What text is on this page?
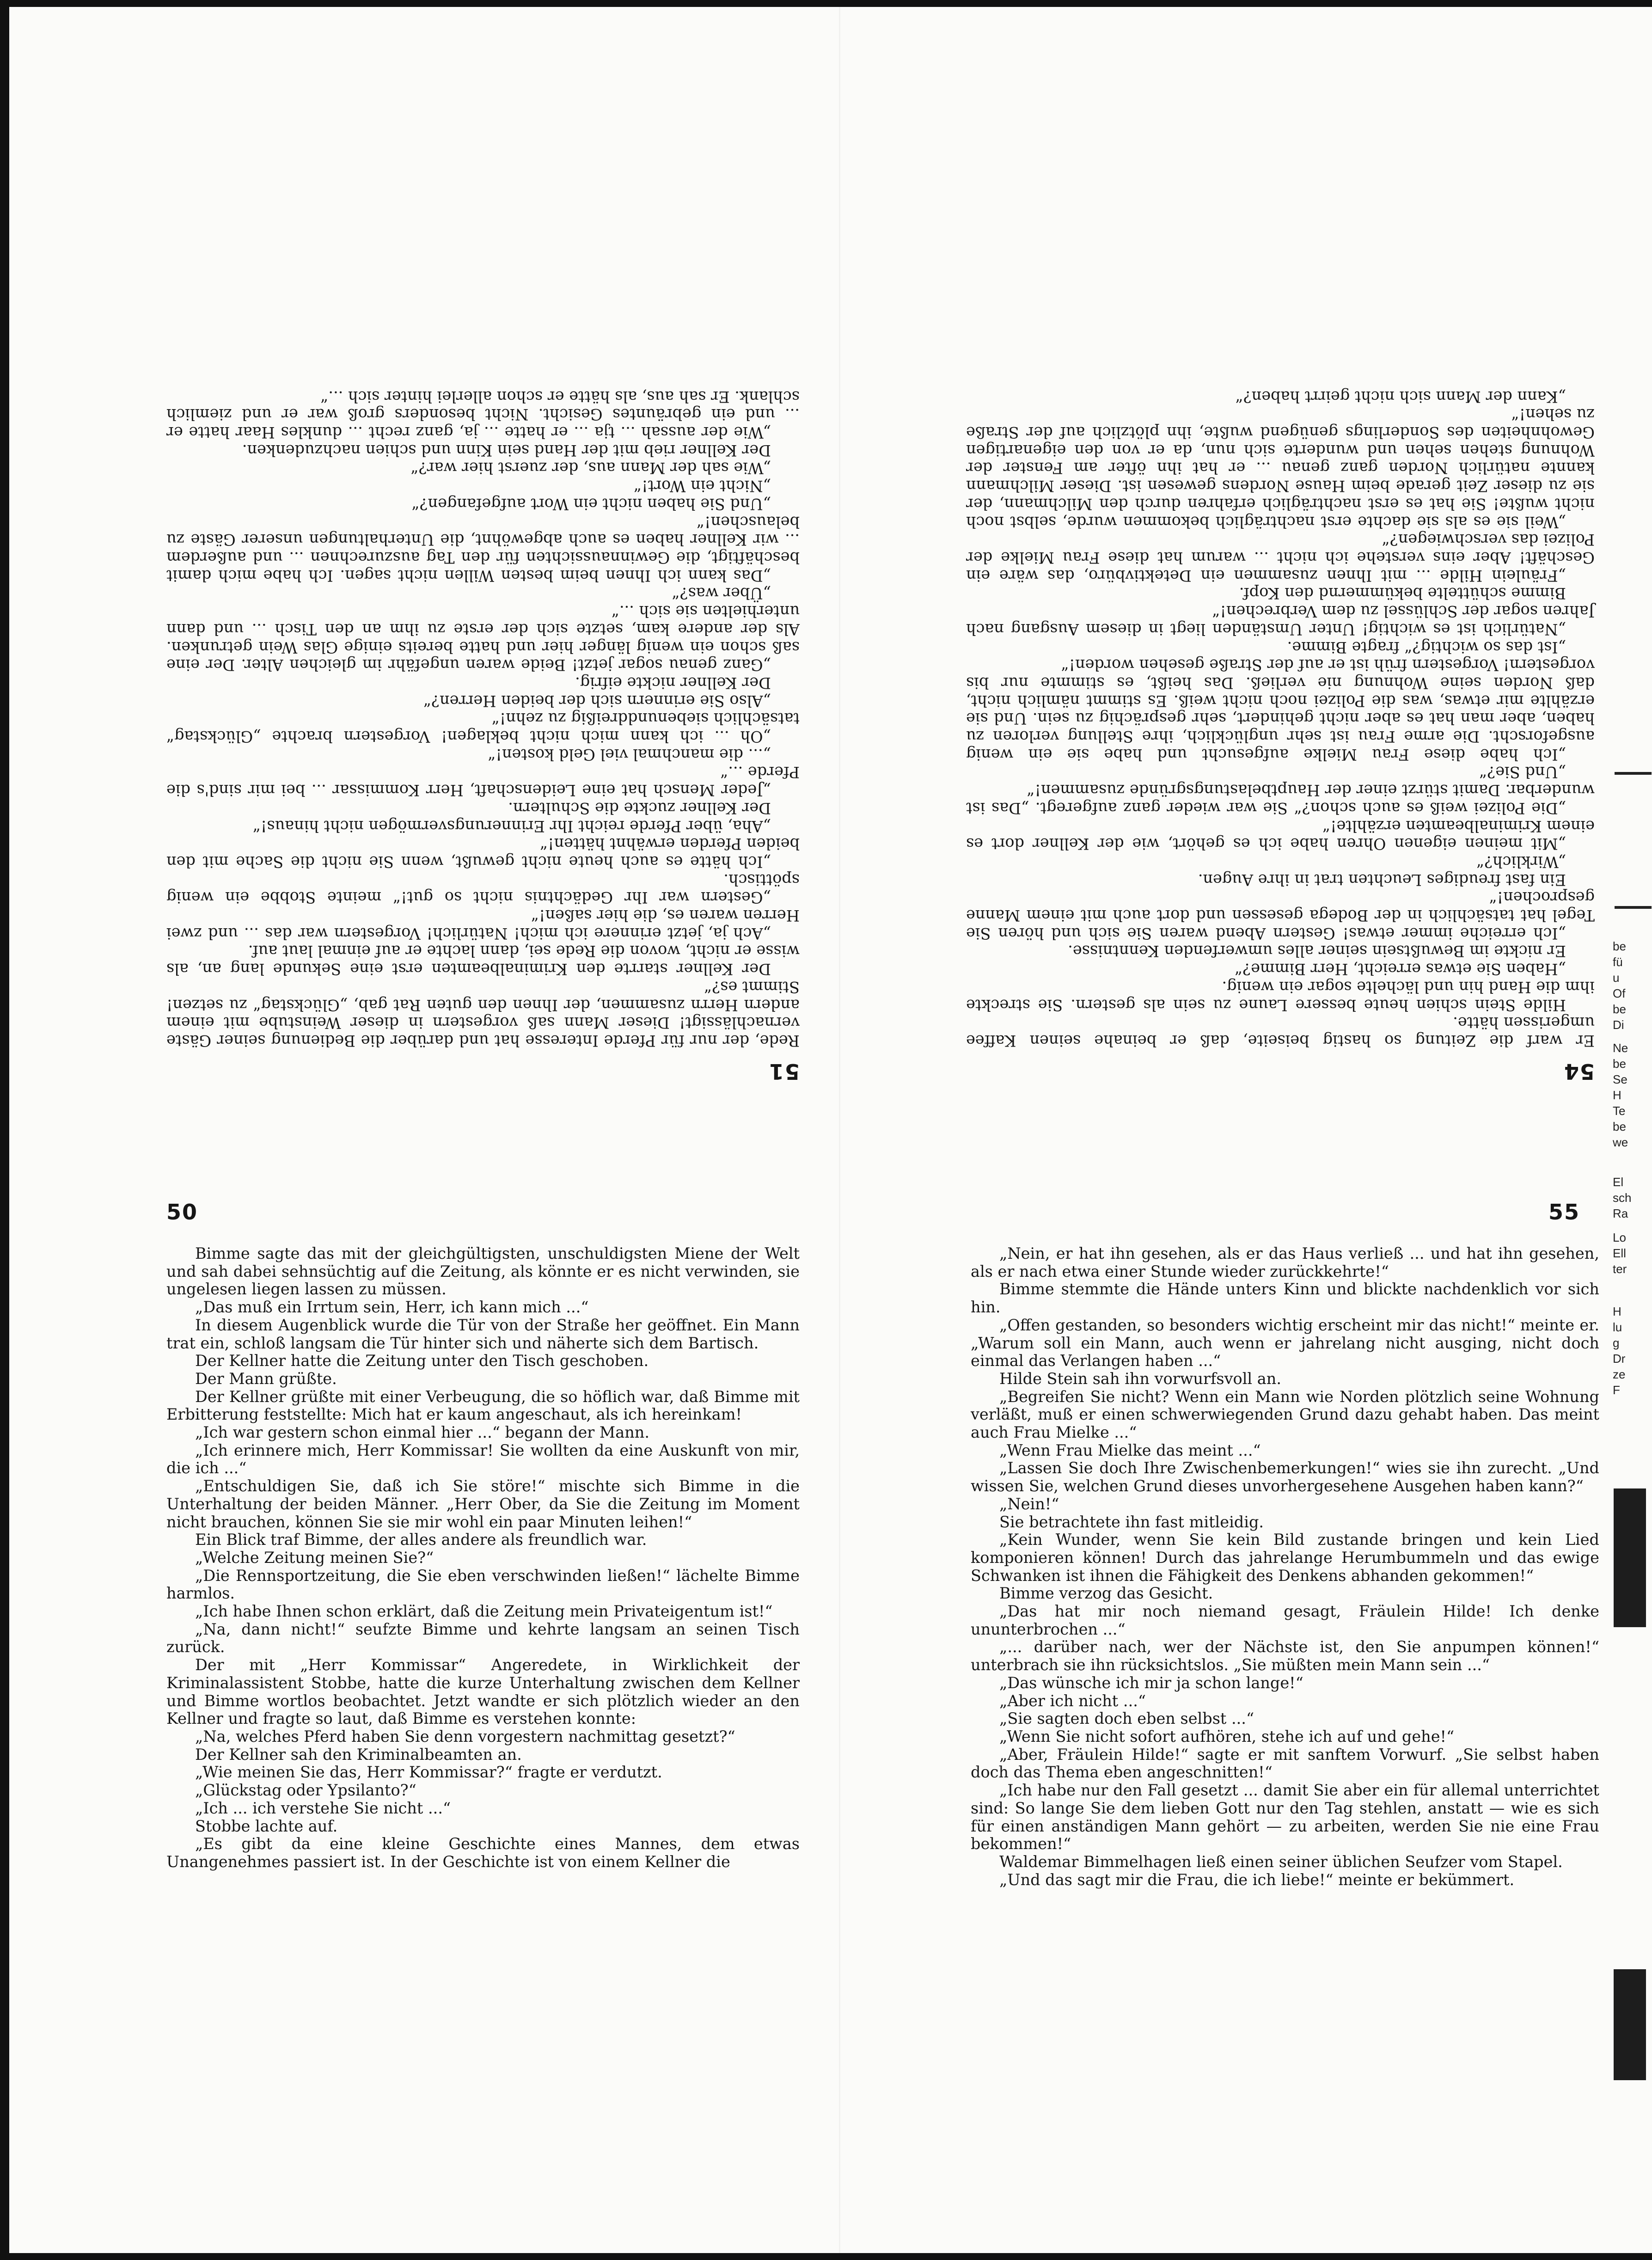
51

Rede, der nur für Pferde Interesse hat und darüber die Bedienung seiner Gäste vernachlässigt! Dieser Mann saß vorgestern in dieser Weinstube mit einem andern Herrn zusammen, der Ihnen den guten Rat gab, „Glückstag“ zu setzen! Stimmt es?“

Der Kellner starrte den Kriminalbeamten erst eine Sekunde lang an, als wisse er nicht, wovon die Rede sei, dann lachte er auf einmal laut auf.

„Ach ja, jetzt erinnere ich mich! Natürlich! Vorgestern war das ... und zwei Herren waren es, die hier saßen!“

„Gestern war Ihr Gedächtnis nicht so gut!“ meinte Stobbe ein wenig spöttisch.

„Ich hätte es auch heute nicht gewußt, wenn Sie nicht die Sache mit den beiden Pferden erwähnt hätten!“

„Aha, über Pferde reicht Ihr Erinnerungsvermögen nicht hinaus!“

Der Kellner zuckte die Schultern.

„Jeder Mensch hat eine Leidenschaft, Herr Kommissar ... bei mir sind's die Pferde ...“

„... die manchmal viel Geld kosten!“

„Oh ... ich kann mich nicht beklagen! Vorgestern brachte „Glückstag“ tatsächlich siebenunddreißig zu zehn!“

„Also Sie erinnern sich der beiden Herren?“

Der Kellner nickte eifrig.

„Ganz genau sogar jetzt! Beide waren ungefähr im gleichen Alter. Der eine saß schon ein wenig länger hier und hatte bereits einige Glas Wein getrunken. Als der andere kam, setzte sich der erste zu ihm an den Tisch ... und dann unterhielten sie sich ...“

„Über was?“

„Das kann ich Ihnen beim besten Willen nicht sagen. Ich habe mich damit beschäftigt, die Gewinnaussichten für den Tag auszurechnen ... und außerdem ... wir Kellner haben es auch abgewöhnt, die Unterhaltungen unserer Gäste zu belauschen!“

„Und Sie haben nicht ein Wort aufgefangen?“

„Nicht ein Wort!“

„Wie sah der Mann aus, der zuerst hier war?“

Der Kellner rieb mit der Hand sein Kinn und schien nachzudenken.

„Wie der aussah ... tja ... er hatte ... ja, ganz recht ... dunkles Haar hatte er ... und ein gebräuntes Gesicht. Nicht besonders groß war er und ziemlich schlank. Er sah aus, als hätte er schon allerlei hinter sich ...“

54

Er warf die Zeitung so hastig beiseite, daß er beinahe seinen Kaffee umgerissen hätte.

Hilde Stein schien heute bessere Laune zu sein als gestern. Sie streckte ihm die Hand hin und lächelte sogar ein wenig.

„Haben Sie etwas erreicht, Herr Bimme?“

Er nickte im Bewußtsein seiner alles umwerfenden Kenntnisse.

„Ich erreiche immer etwas! Gestern Abend waren Sie sich und hören Sie Tegel hat tatsächlich in der Bodega gesessen und dort auch mit einem Manne gesprochen!“

Ein fast freudiges Leuchten trat in ihre Augen.

„Wirklich?“

„Mit meinen eigenen Ohren habe ich es gehört, wie der Kellner dort es einem Kriminalbeamten erzählte!“

„Die Polizei weiß es auch schon?“ Sie war wieder ganz aufgeregt. „Das ist wunderbar. Damit stürzt einer der Hauptbelastungsgründe zusammen!“

„Und Sie?“

„Ich habe diese Frau Mielke aufgesucht und habe sie ein wenig ausgeforscht. Die arme Frau ist sehr unglücklich, ihre Stellung verloren zu haben, aber man hat es aber nicht gehindert, sehr gesprächig zu sein. Und sie erzählte mir etwas, was die Polizei noch nicht weiß. Es stimmt nämlich nicht, daß Norden seine Wohnung nie verließ. Das heißt, es stimmte nur bis vorgestern! Vorgestern früh ist er auf der Straße gesehen worden!“

„Ist das so wichtig?“ fragte Bimme.

„Natürlich ist es wichtig! Unter Umständen liegt in diesem Ausgang nach Jahren sogar der Schlüssel zu dem Verbrechen!“

Bimme schüttelte bekümmernd den Kopf.

„Fräulein Hilde ... mit Ihnen zusammen ein Detektivbüro, das wäre ein Geschäft! Aber eins verstehe ich nicht ... warum hat diese Frau Mielke der Polizei das verschwiegen?“

„Weil sie es als sie dachte erst nachträglich bekommen wurde, selbst noch nicht wußte! Sie hat es erst nachträglich erfahren durch den Milchmann, der sie zu dieser Zeit gerade beim Hause Nordens gewesen ist. Dieser Milchmann kannte natürlich Norden ganz genau ... er hat ihn öfter am Fenster der Wohnung stehen sehen und wunderte sich nun, da er von den eigenartigen Gewohnheiten des Sonderlings genügend wußte, ihn plötzlich auf der Straße zu sehen!“

„Kann der Mann sich nicht geirrt haben?“

50

Bimme sagte das mit der gleichgültigsten, unschuldigsten Miene der Welt und sah dabei sehnsüchtig auf die Zeitung, als könnte er es nicht verwinden, sie ungelesen liegen lassen zu müssen.

„Das muß ein Irrtum sein, Herr, ich kann mich ...“

In diesem Augenblick wurde die Tür von der Straße her geöffnet. Ein Mann trat ein, schloß langsam die Tür hinter sich und näherte sich dem Bartisch.

Der Kellner hatte die Zeitung unter den Tisch geschoben.

Der Mann grüßte.

Der Kellner grüßte mit einer Verbeugung, die so höflich war, daß Bimme mit Erbitterung feststellte: Mich hat er kaum angeschaut, als ich hereinkam!

„Ich war gestern schon einmal hier ...“ begann der Mann.

„Ich erinnere mich, Herr Kommissar! Sie wollten da eine Auskunft von mir, die ich ...“

„Entschuldigen Sie, daß ich Sie störe!“ mischte sich Bimme in die Unterhaltung der beiden Männer. „Herr Ober, da Sie die Zeitung im Moment nicht brauchen, können Sie sie mir wohl ein paar Minuten leihen!“

Ein Blick traf Bimme, der alles andere als freundlich war.

„Welche Zeitung meinen Sie?“

„Die Rennsportzeitung, die Sie eben verschwinden ließen!“ lächelte Bimme harmlos.

„Ich habe Ihnen schon erklärt, daß die Zeitung mein Privateigentum ist!“

„Na, dann nicht!“ seufzte Bimme und kehrte langsam an seinen Tisch zurück.

Der mit „Herr Kommissar“ Angeredete, in Wirklichkeit der Kriminalassistent Stobbe, hatte die kurze Unterhaltung zwischen dem Kellner und Bimme wortlos beobachtet. Jetzt wandte er sich plötzlich wieder an den Kellner und fragte so laut, daß Bimme es verstehen konnte:

„Na, welches Pferd haben Sie denn vorgestern nachmittag gesetzt?“

Der Kellner sah den Kriminalbeamten an.

„Wie meinen Sie das, Herr Kommissar?“ fragte er verdutzt.

„Glückstag oder Ypsilanto?“

„Ich ... ich verstehe Sie nicht ...“

Stobbe lachte auf.

„Es gibt da eine kleine Geschichte eines Mannes, dem etwas Unangenehmes passiert ist. In der Geschichte ist von einem Kellner die

55

„Nein, er hat ihn gesehen, als er das Haus verließ ... und hat ihn gesehen, als er nach etwa einer Stunde wieder zurückkehrte!“

Bimme stemmte die Hände unters Kinn und blickte nachdenklich vor sich hin.

„Offen gestanden, so besonders wichtig erscheint mir das nicht!“ meinte er. „Warum soll ein Mann, auch wenn er jahrelang nicht ausging, nicht doch einmal das Verlangen haben ...“

Hilde Stein sah ihn vorwurfsvoll an.

„Begreifen Sie nicht? Wenn ein Mann wie Norden plötzlich seine Wohnung verläßt, muß er einen schwerwiegenden Grund dazu gehabt haben. Das meint auch Frau Mielke ...“

„Wenn Frau Mielke das meint ...“

„Lassen Sie doch Ihre Zwischenbemerkungen!“ wies sie ihn zurecht. „Und wissen Sie, welchen Grund dieses unvorhergesehene Ausgehen haben kann?“

„Nein!“

Sie betrachtete ihn fast mitleidig.

„Kein Wunder, wenn Sie kein Bild zustande bringen und kein Lied komponieren können! Durch das jahrelange Herumbummeln und das ewige Schwanken ist ihnen die Fähigkeit des Denkens abhanden gekommen!“

Bimme verzog das Gesicht.

„Das hat mir noch niemand gesagt, Fräulein Hilde! Ich denke ununterbrochen ...“

„... darüber nach, wer der Nächste ist, den Sie anpumpen können!“ unterbrach sie ihn rücksichtslos. „Sie müßten mein Mann sein ...“

„Das wünsche ich mir ja schon lange!“

„Aber ich nicht ...“

„Sie sagten doch eben selbst ...“

„Wenn Sie nicht sofort aufhören, stehe ich auf und gehe!“

„Aber, Fräulein Hilde!“ sagte er mit sanftem Vorwurf. „Sie selbst haben doch das Thema eben angeschnitten!“

„Ich habe nur den Fall gesetzt ... damit Sie aber ein für allemal unterrichtet sind: So lange Sie dem lieben Gott nur den Tag stehlen, anstatt — wie es sich für einen anständigen Mann gehört — zu arbeiten, werden Sie nie eine Frau bekommen!“

Waldemar Bimmelhagen ließ einen seiner üblichen Seufzer vom Stapel.

„Und das sagt mir die Frau, die ich liebe!“ meinte er bekümmert.

be
fü
u
Of
be
Di
Ne
be
Se
H
Te
be
we
El
sch
Ra
Lo
Ell
ter
H
lu
g
Dr
ze
F
